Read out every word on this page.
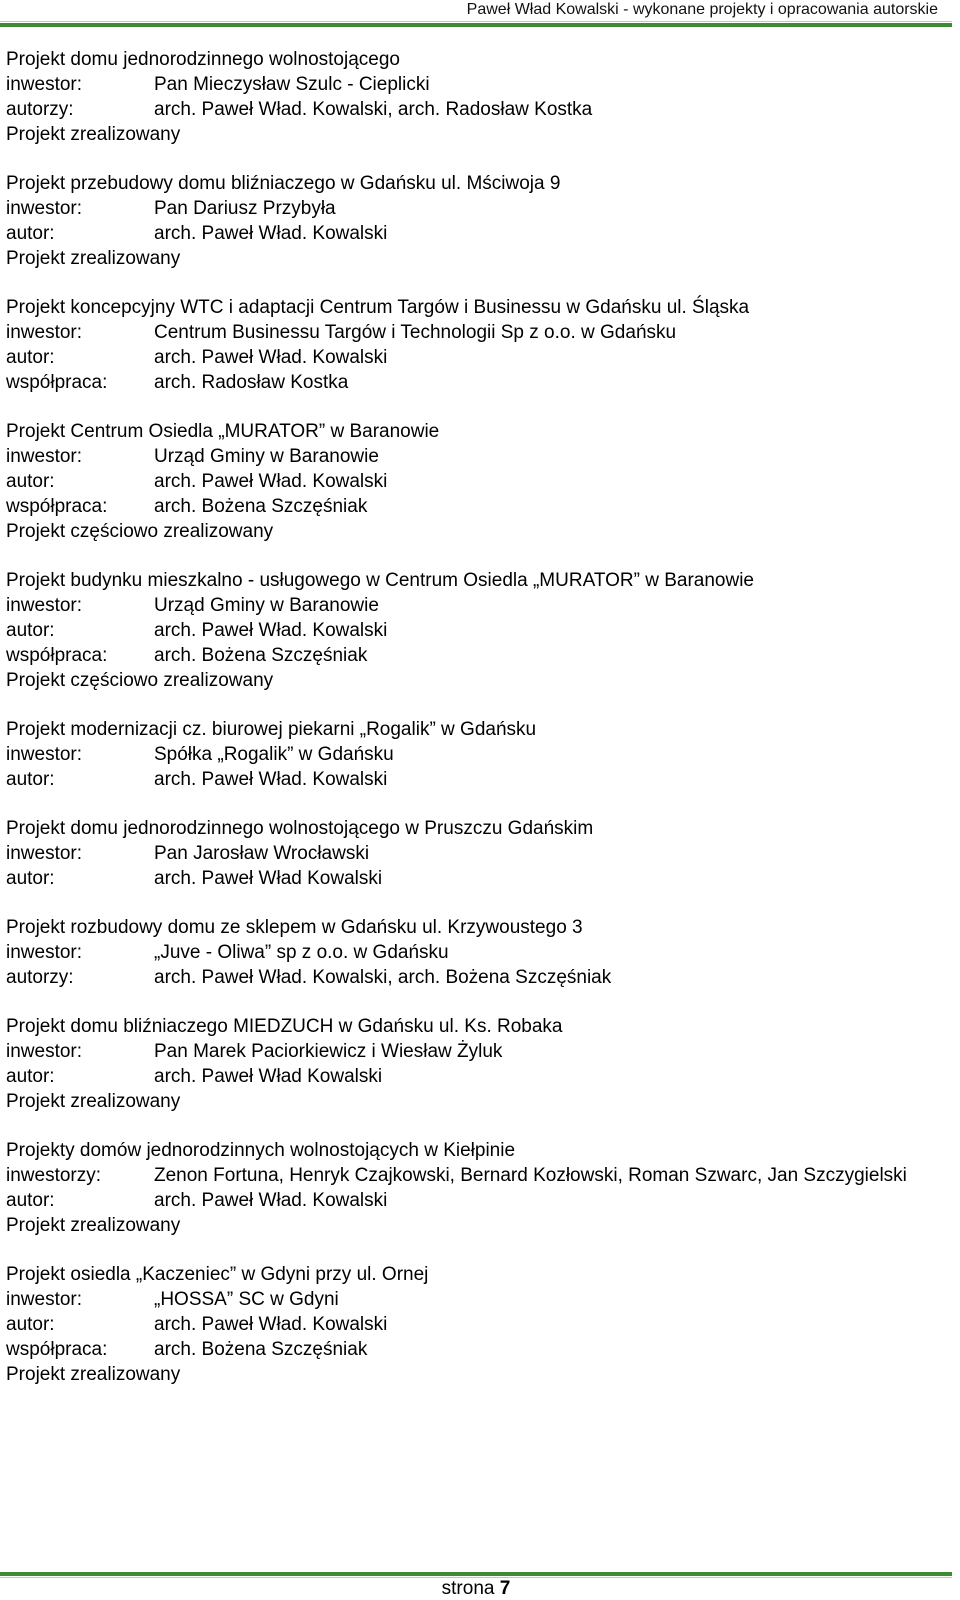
Paweł Wład Kowalski - wykonane projekty i opracowania autorskie
Projekt domu jednorodzinnego wolnostojącego
inwestor:	Pan Mieczysław Szulc - Cieplicki
autorzy:	arch. Paweł Wład. Kowalski, arch. Radosław Kostka
Projekt zrealizowany
Projekt przebudowy domu bliźniaczego w Gdańsku ul. Mściwoja 9
inwestor:	Pan Dariusz Przybyła
autor:	arch. Paweł Wład. Kowalski
Projekt zrealizowany
Projekt koncepcyjny WTC i adaptacji Centrum Targów i Businessu w Gdańsku ul. Śląska
inwestor:	Centrum Businessu Targów i Technologii Sp z o.o. w Gdańsku
autor:	arch. Paweł Wład. Kowalski
współpraca:	arch. Radosław Kostka
Projekt Centrum Osiedla „MURATOR” w Baranowie
inwestor:	Urząd Gminy w Baranowie
autor:	arch. Paweł Wład. Kowalski
współpraca:	arch. Bożena Szczęśniak
Projekt częściowo zrealizowany
Projekt budynku mieszkalno - usługowego w Centrum Osiedla „MURATOR” w Baranowie
inwestor:	Urząd Gminy w Baranowie
autor:	arch. Paweł Wład. Kowalski
współpraca:	arch. Bożena Szczęśniak
Projekt częściowo zrealizowany
Projekt modernizacji cz. biurowej piekarni „Rogalik” w Gdańsku
inwestor:	Spółka „Rogalik” w Gdańsku
autor:	arch. Paweł Wład. Kowalski
Projekt domu jednorodzinnego wolnostojącego w Pruszczu Gdańskim
inwestor:	Pan Jarosław Wrocławski
autor:	arch. Paweł Wład Kowalski
Projekt rozbudowy domu ze sklepem w Gdańsku ul. Krzywoustego 3
inwestor:	„Juve - Oliwa” sp z o.o. w Gdańsku
autorzy:	arch. Paweł Wład. Kowalski, arch. Bożena Szczęśniak
Projekt domu bliźniaczego MIEDZUCH w Gdańsku ul. Ks. Robaka
inwestor:	Pan Marek Paciorkiewicz i Wiesław Żyluk
autor:	arch. Paweł Wład Kowalski
Projekt zrealizowany
Projekty domów jednorodzinnych wolnostojących w Kiełpinie
inwestorzy:	Zenon Fortuna, Henryk Czajkowski, Bernard Kozłowski, Roman Szwarc, Jan Szczygielski
autor:	arch. Paweł Wład. Kowalski
Projekt zrealizowany
Projekt osiedla „Kaczeniec” w Gdyni przy ul. Ornej
inwestor:	„HOSSA” SC w Gdyni
autor:	arch. Paweł Wład. Kowalski
współpraca:	arch. Bożena Szczęśniak
Projekt zrealizowany
strona 7
